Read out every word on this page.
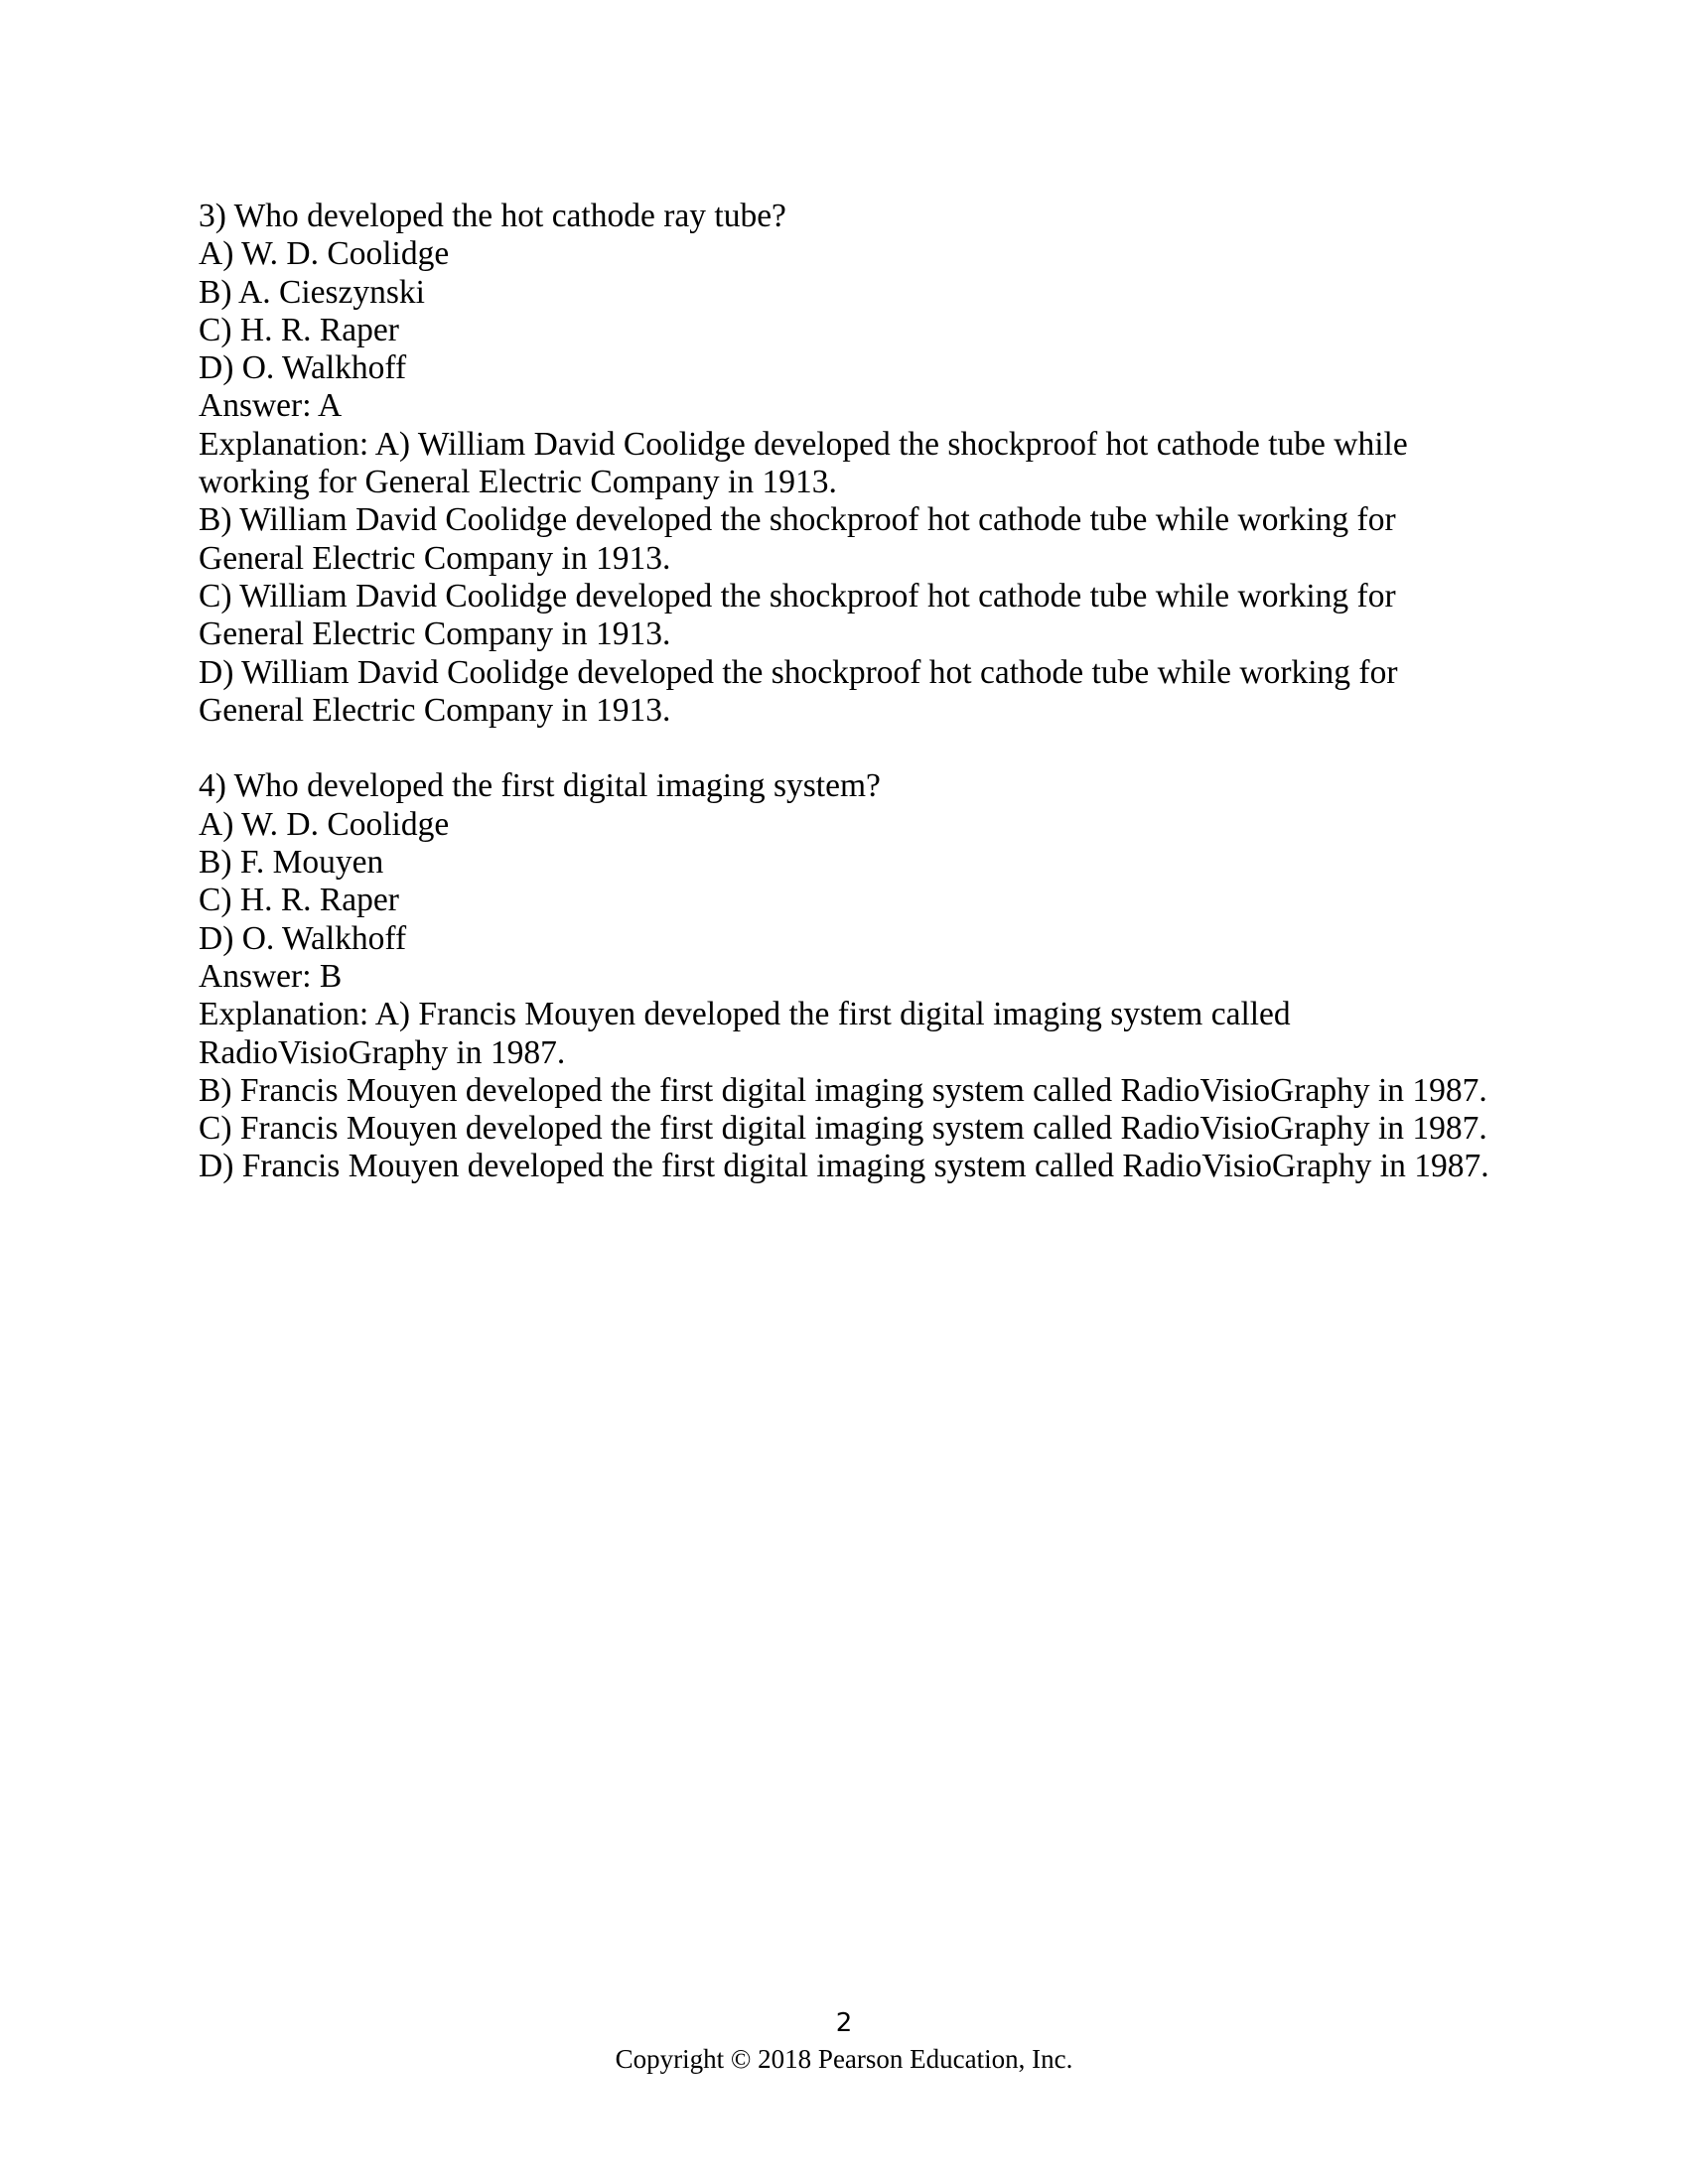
3) Who developed the hot cathode ray tube?
A) W. D. Coolidge
B) A. Cieszynski
C) H. R. Raper
D) O. Walkhoff
Answer: A
Explanation: A) William David Coolidge developed the shockproof hot cathode tube while
working for General Electric Company in 1913.
B) William David Coolidge developed the shockproof hot cathode tube while working for
General Electric Company in 1913.
C) William David Coolidge developed the shockproof hot cathode tube while working for
General Electric Company in 1913.
D) William David Coolidge developed the shockproof hot cathode tube while working for
General Electric Company in 1913.
4) Who developed the first digital imaging system?
A) W. D. Coolidge
B) F. Mouyen
C) H. R. Raper
D) O. Walkhoff
Answer: B
Explanation: A) Francis Mouyen developed the first digital imaging system called
RadioVisioGraphy in 1987.
B) Francis Mouyen developed the first digital imaging system called RadioVisioGraphy in 1987.
C) Francis Mouyen developed the first digital imaging system called RadioVisioGraphy in 1987.
D) Francis Mouyen developed the first digital imaging system called RadioVisioGraphy in 1987.
2
Copyright © 2018 Pearson Education, Inc.
